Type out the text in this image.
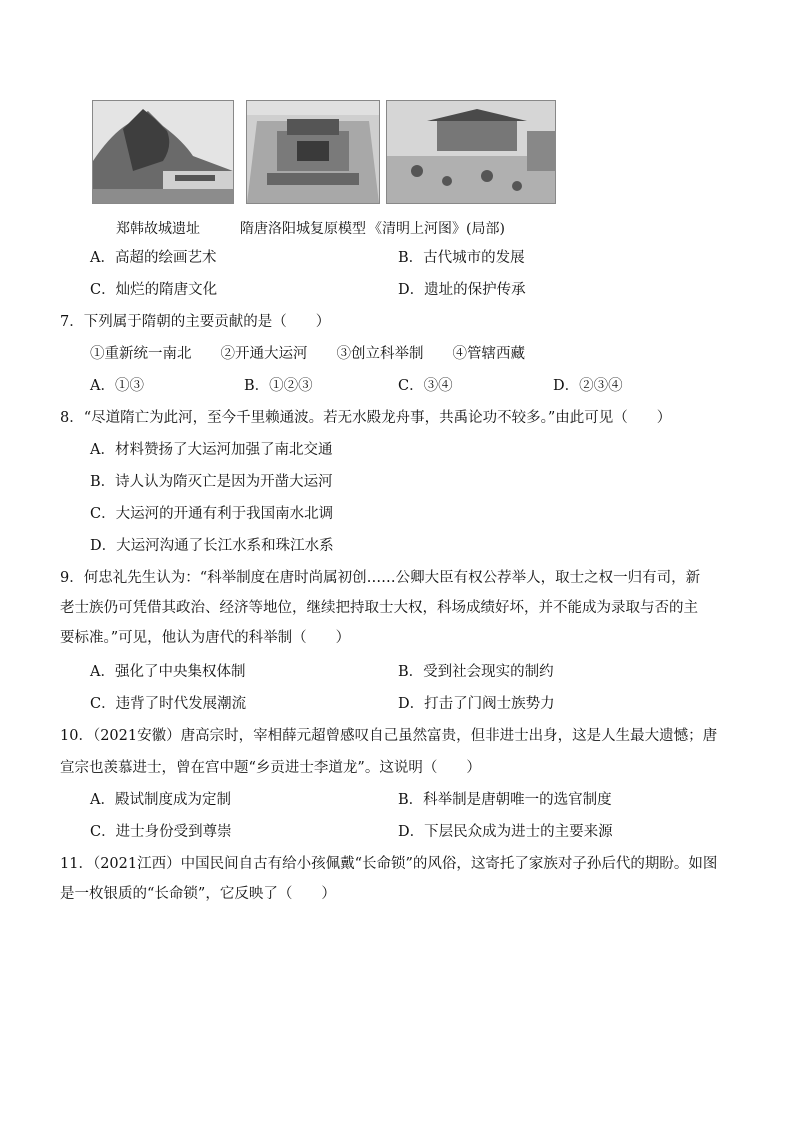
郑韩故城遗址	隋唐洛阳城复原模型 《清明上河图》(局部)
A．高超的绘画艺术	B．古代城市的发展
C．灿烂的隋唐文化	D．遗址的保护传承
7．下列属于隋朝的主要贡献的是（　　）
①重新统一南北　　②开通大运河　　③创立科举制　　④管辖西藏
A．①③	B．①②③	C．③④	D．②③④
8．“尽道隋亡为此河，至今千里赖通波。若无水殿龙舟事，共禹论功不较多。”由此可见（　　）
A．材料赞扬了大运河加强了南北交通
B．诗人认为隋灭亡是因为开凿大运河
C．大运河的开通有利于我国南水北调
D．大运河沟通了长江水系和珠江水系
9．何忠礼先生认为：“科举制度在唐时尚属初创……公卿大臣有权公荐举人，取士之权一归有司，新
老士族仍可凭借其政治、经济等地位，继续把持取士大权，科场成绩好坏，并不能成为录取与否的主
要标准。”可见，他认为唐代的科举制（　　）
A．强化了中央集权体制	B．受到社会现实的制约
C．违背了时代发展潮流	D．打击了门阀士族势力
10．（2021安徽）唐高宗时，宰相薛元超曾感叹自己虽然富贵，但非进士出身，这是人生最大遗憾；唐
宣宗也羡慕进士，曾在宫中题“乡贡进士李道龙”。这说明（　　）
A．殿试制度成为定制	B．科举制是唐朝唯一的选官制度
C．进士身份受到尊崇	D．下层民众成为进士的主要来源
11．（2021江西）中国民间自古有给小孩佩戴“长命锁”的风俗，这寄托了家族对子孙后代的期盼。如图
是一枚银质的“长命锁”，它反映了（　　）
